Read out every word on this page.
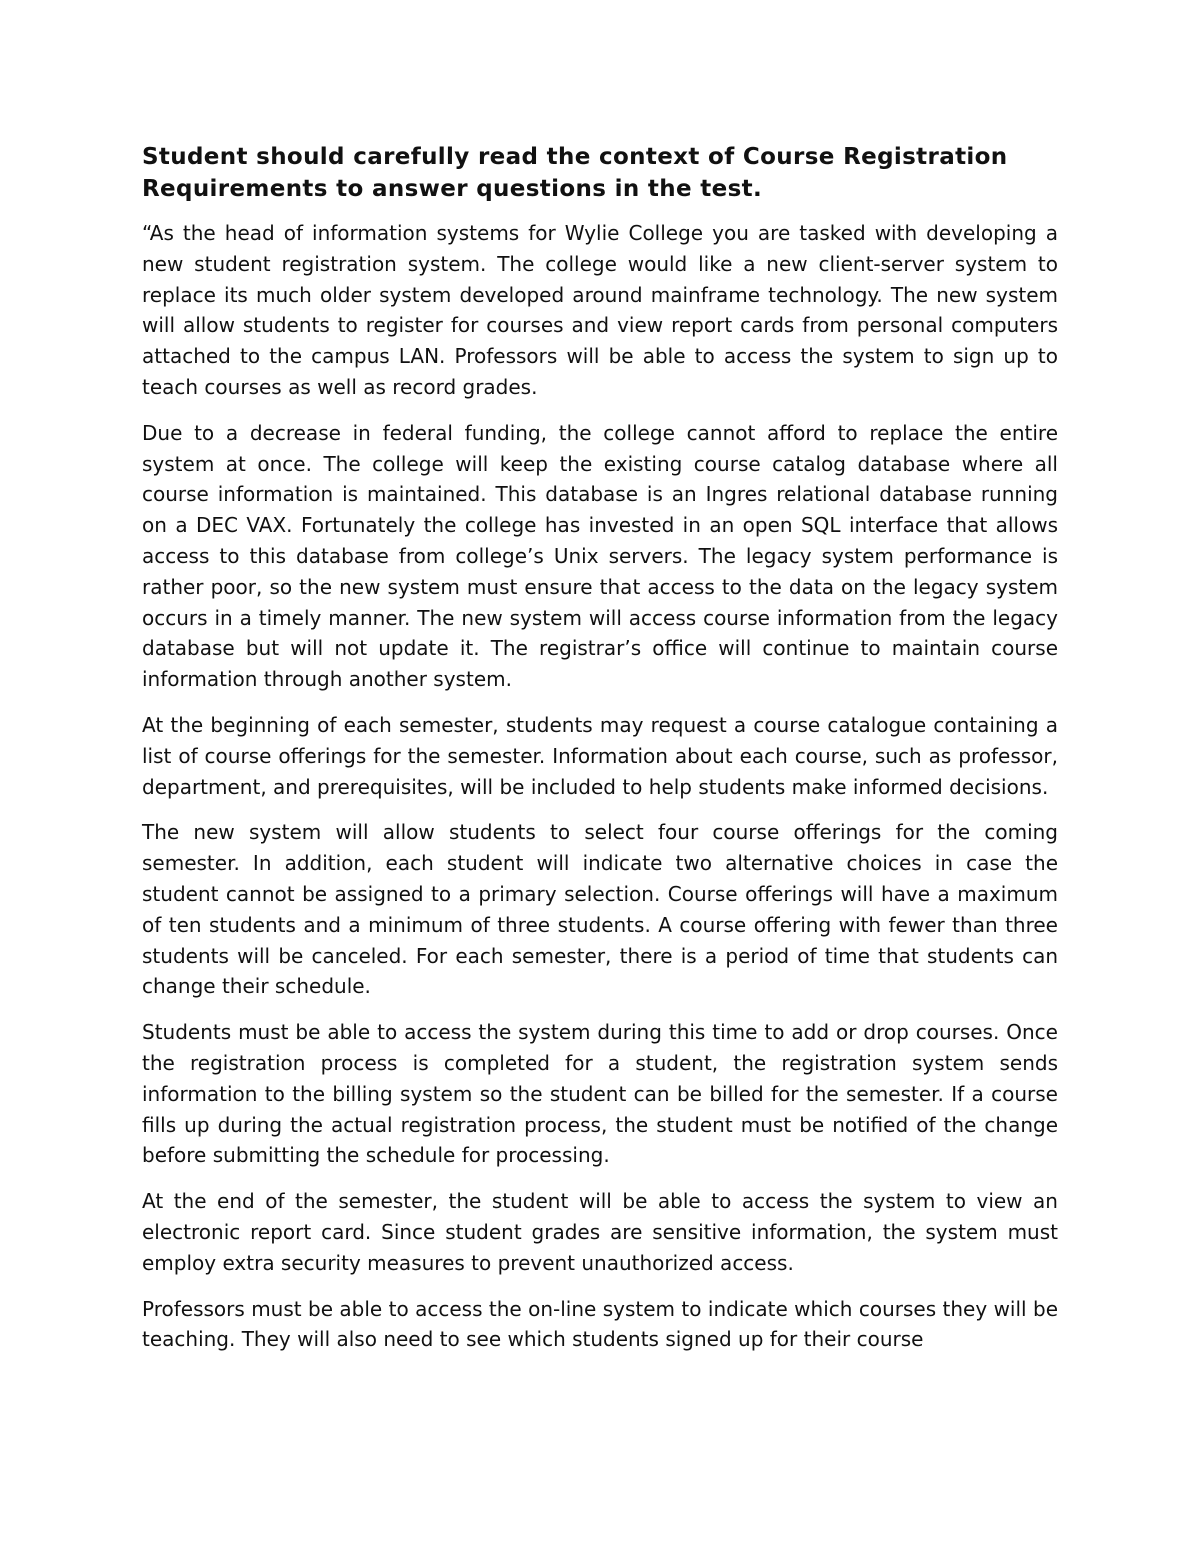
Student should carefully read the context of Course Registration Requirements to answer questions in the test.

“As the head of information systems for Wylie College you are tasked with developing a new student registration system. The college would like a new client-server system to replace its much older system developed around mainframe technology. The new system will allow students to register for courses and view report cards from personal computers attached to the campus LAN. Professors will be able to access the system to sign up to teach courses as well as record grades.

Due to a decrease in federal funding, the college cannot afford to replace the entire system at once. The college will keep the existing course catalog database where all course information is maintained. This database is an Ingres relational database running on a DEC VAX. Fortunately the college has invested in an open SQL interface that allows access to this database from college’s Unix servers. The legacy system performance is rather poor, so the new system must ensure that access to the data on the legacy system occurs in a timely manner. The new system will access course information from the legacy database but will not update it. The registrar’s office will continue to maintain course information through another system.

At the beginning of each semester, students may request a course catalogue containing a list of course offerings for the semester. Information about each course, such as professor, department, and prerequisites, will be included to help students make informed decisions.

The new system will allow students to select four course offerings for the coming semester. In addition, each student will indicate two alternative choices in case the student cannot be assigned to a primary selection. Course offerings will have a maximum of ten students and a minimum of three students. A course offering with fewer than three students will be canceled. For each semester, there is a period of time that students can change their schedule.

Students must be able to access the system during this time to add or drop courses. Once the registration process is completed for a student, the registration system sends information to the billing system so the student can be billed for the semester. If a course fills up during the actual registration process, the student must be notified of the change before submitting the schedule for processing.

At the end of the semester, the student will be able to access the system to view an electronic report card. Since student grades are sensitive information, the system must employ extra security measures to prevent unauthorized access.

Professors must be able to access the on-line system to indicate which courses they will be teaching. They will also need to see which students signed up for their course
